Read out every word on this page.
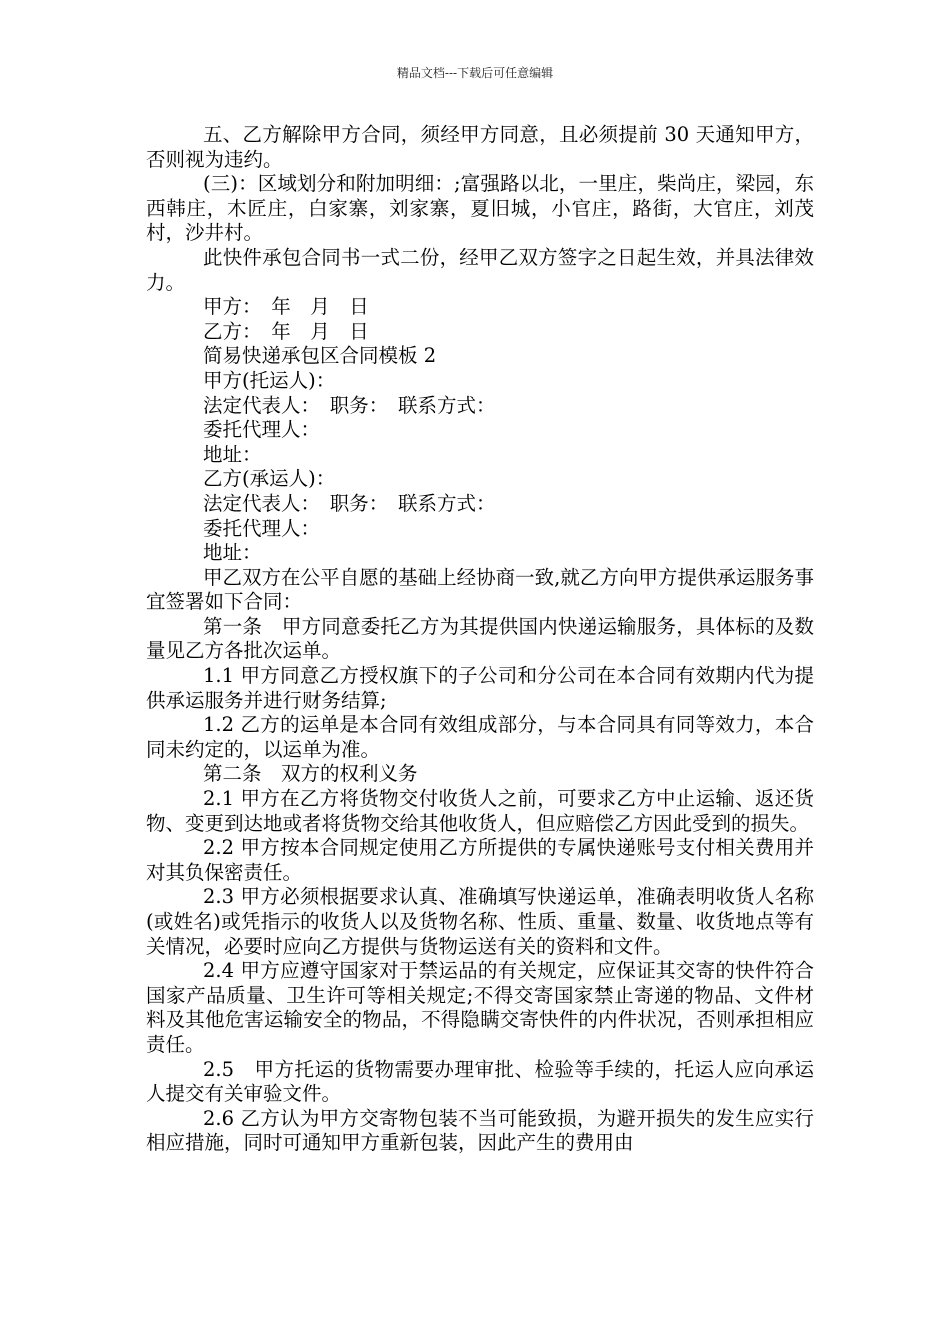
精品文档---下载后可任意编辑

五、乙方解除甲方合同，须经甲方同意，且必须提前 30 天通知甲方，否则视为违约。

(三)：区域划分和附加明细：;富强路以北，一里庄，柴尚庄，梁园，东西韩庄，木匠庄，白家寨，刘家寨，夏旧城，小官庄，路街，大官庄，刘茂村，沙井村。

此快件承包合同书一式二份，经甲乙双方签字之日起生效，并具法律效力。

甲方：　年　月　日

乙方：　年　月　日

简易快递承包区合同模板 2

甲方(托运人)：

法定代表人：　职务：　联系方式：

委托代理人：

地址：

乙方(承运人)：

法定代表人：　职务：　联系方式：

委托代理人：

地址：

甲乙双方在公平自愿的基础上经协商一致,就乙方向甲方提供承运服务事宜签署如下合同：

第一条　甲方同意委托乙方为其提供国内快递运输服务，具体标的及数量见乙方各批次运单。

1.1 甲方同意乙方授权旗下的子公司和分公司在本合同有效期内代为提供承运服务并进行财务结算;

1.2 乙方的运单是本合同有效组成部分，与本合同具有同等效力，本合同未约定的，以运单为准。

第二条　双方的权利义务

2.1 甲方在乙方将货物交付收货人之前，可要求乙方中止运输、返还货物、变更到达地或者将货物交给其他收货人，但应赔偿乙方因此受到的损失。

2.2 甲方按本合同规定使用乙方所提供的专属快递账号支付相关费用并对其负保密责任。

2.3 甲方必须根据要求认真、准确填写快递运单，准确表明收货人名称(或姓名)或凭指示的收货人以及货物名称、性质、重量、数量、收货地点等有关情况，必要时应向乙方提供与货物运送有关的资料和文件。

2.4 甲方应遵守国家对于禁运品的有关规定，应保证其交寄的快件符合国家产品质量、卫生许可等相关规定;不得交寄国家禁止寄递的物品、文件材料及其他危害运输安全的物品，不得隐瞒交寄快件的内件状况，否则承担相应责任。

2.5　甲方托运的货物需要办理审批、检验等手续的，托运人应向承运人提交有关审验文件。

2.6 乙方认为甲方交寄物包装不当可能致损，为避开损失的发生应实行相应措施，同时可通知甲方重新包装，因此产生的费用由
